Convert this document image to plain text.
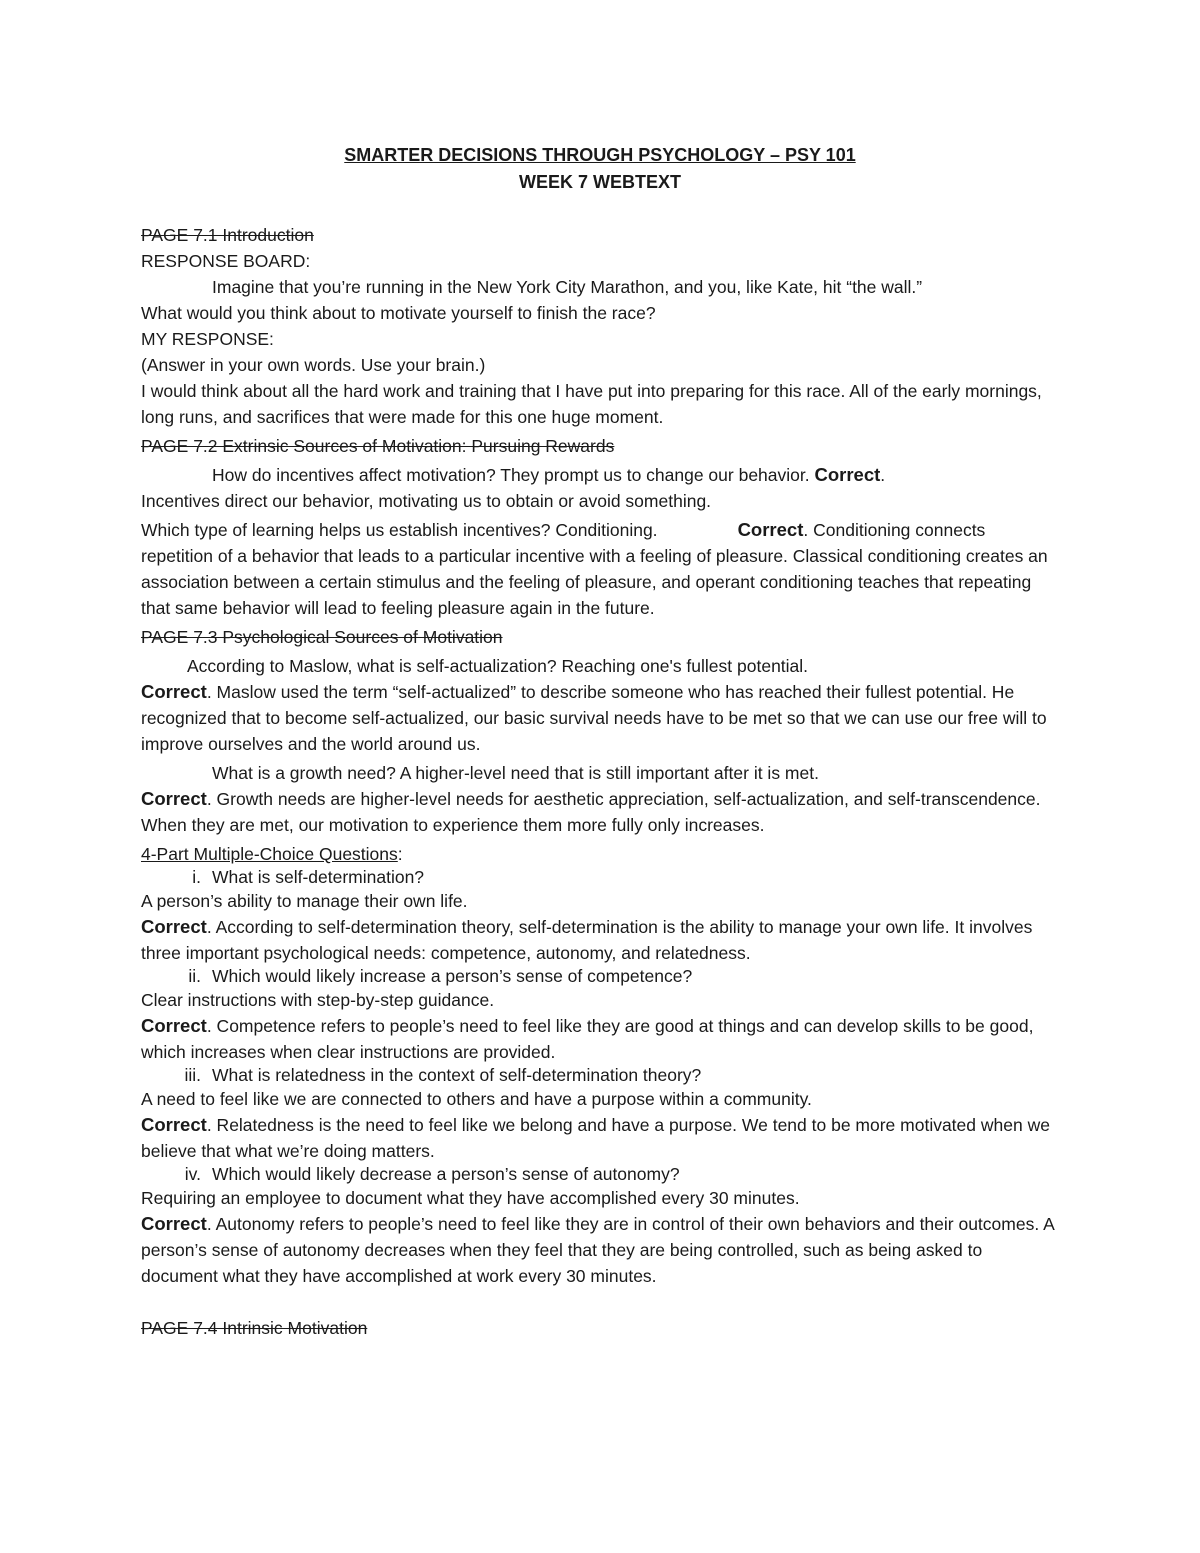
SMARTER DECISIONS THROUGH PSYCHOLOGY – PSY 101
WEEK 7 WEBTEXT

PAGE 7.1 Introduction

RESPONSE BOARD:

Imagine that you’re running in the New York City Marathon, and you, like Kate, hit “the wall.”

What would you think about to motivate yourself to finish the race?

MY RESPONSE:

(Answer in your own words. Use your brain.)

I would think about all the hard work and training that I have put into preparing for this race. All of the early mornings, long runs, and sacrifices that were made for this one huge moment.

PAGE 7.2 Extrinsic Sources of Motivation: Pursuing Rewards

How do incentives affect motivation? They prompt us to change our behavior. Correct.
Incentives direct our behavior, motivating us to obtain or avoid something.

Which type of learning helps us establish incentives? Conditioning.	Correct. Conditioning connects repetition of a behavior that leads to a particular incentive with a feeling of pleasure. Classical conditioning creates an association between a certain stimulus and the feeling of pleasure, and operant conditioning teaches that repeating that same behavior will lead to feeling pleasure again in the future.

PAGE 7.3 Psychological Sources of Motivation

According to Maslow, what is self-actualization? Reaching one's fullest potential.

Correct. Maslow used the term “self-actualized” to describe someone who has reached their fullest potential. He recognized that to become self-actualized, our basic survival needs have to be met so that we can use our free will to improve ourselves and the world around us.

What is a growth need? A higher-level need that is still important after it is met.

Correct. Growth needs are higher-level needs for aesthetic appreciation, self-actualization, and self-transcendence. When they are met, our motivation to experience them more fully only increases.

4-Part Multiple-Choice Questions:

i. What is self-determination?

A person’s ability to manage their own life.

Correct. According to self-determination theory, self-determination is the ability to manage your own life. It involves three important psychological needs: competence, autonomy, and relatedness.

ii. Which would likely increase a person’s sense of competence?

Clear instructions with step-by-step guidance.

Correct. Competence refers to people’s need to feel like they are good at things and can develop skills to be good, which increases when clear instructions are provided.

iii. What is relatedness in the context of self-determination theory?

A need to feel like we are connected to others and have a purpose within a community.

Correct. Relatedness is the need to feel like we belong and have a purpose. We tend to be more motivated when we believe that what we’re doing matters.

iv. Which would likely decrease a person’s sense of autonomy?

Requiring an employee to document what they have accomplished every 30 minutes.

Correct. Autonomy refers to people’s need to feel like they are in control of their own behaviors and their outcomes. A person’s sense of autonomy decreases when they feel that they are being controlled, such as being asked to document what they have accomplished at work every 30 minutes.

PAGE 7.4 Intrinsic Motivation
